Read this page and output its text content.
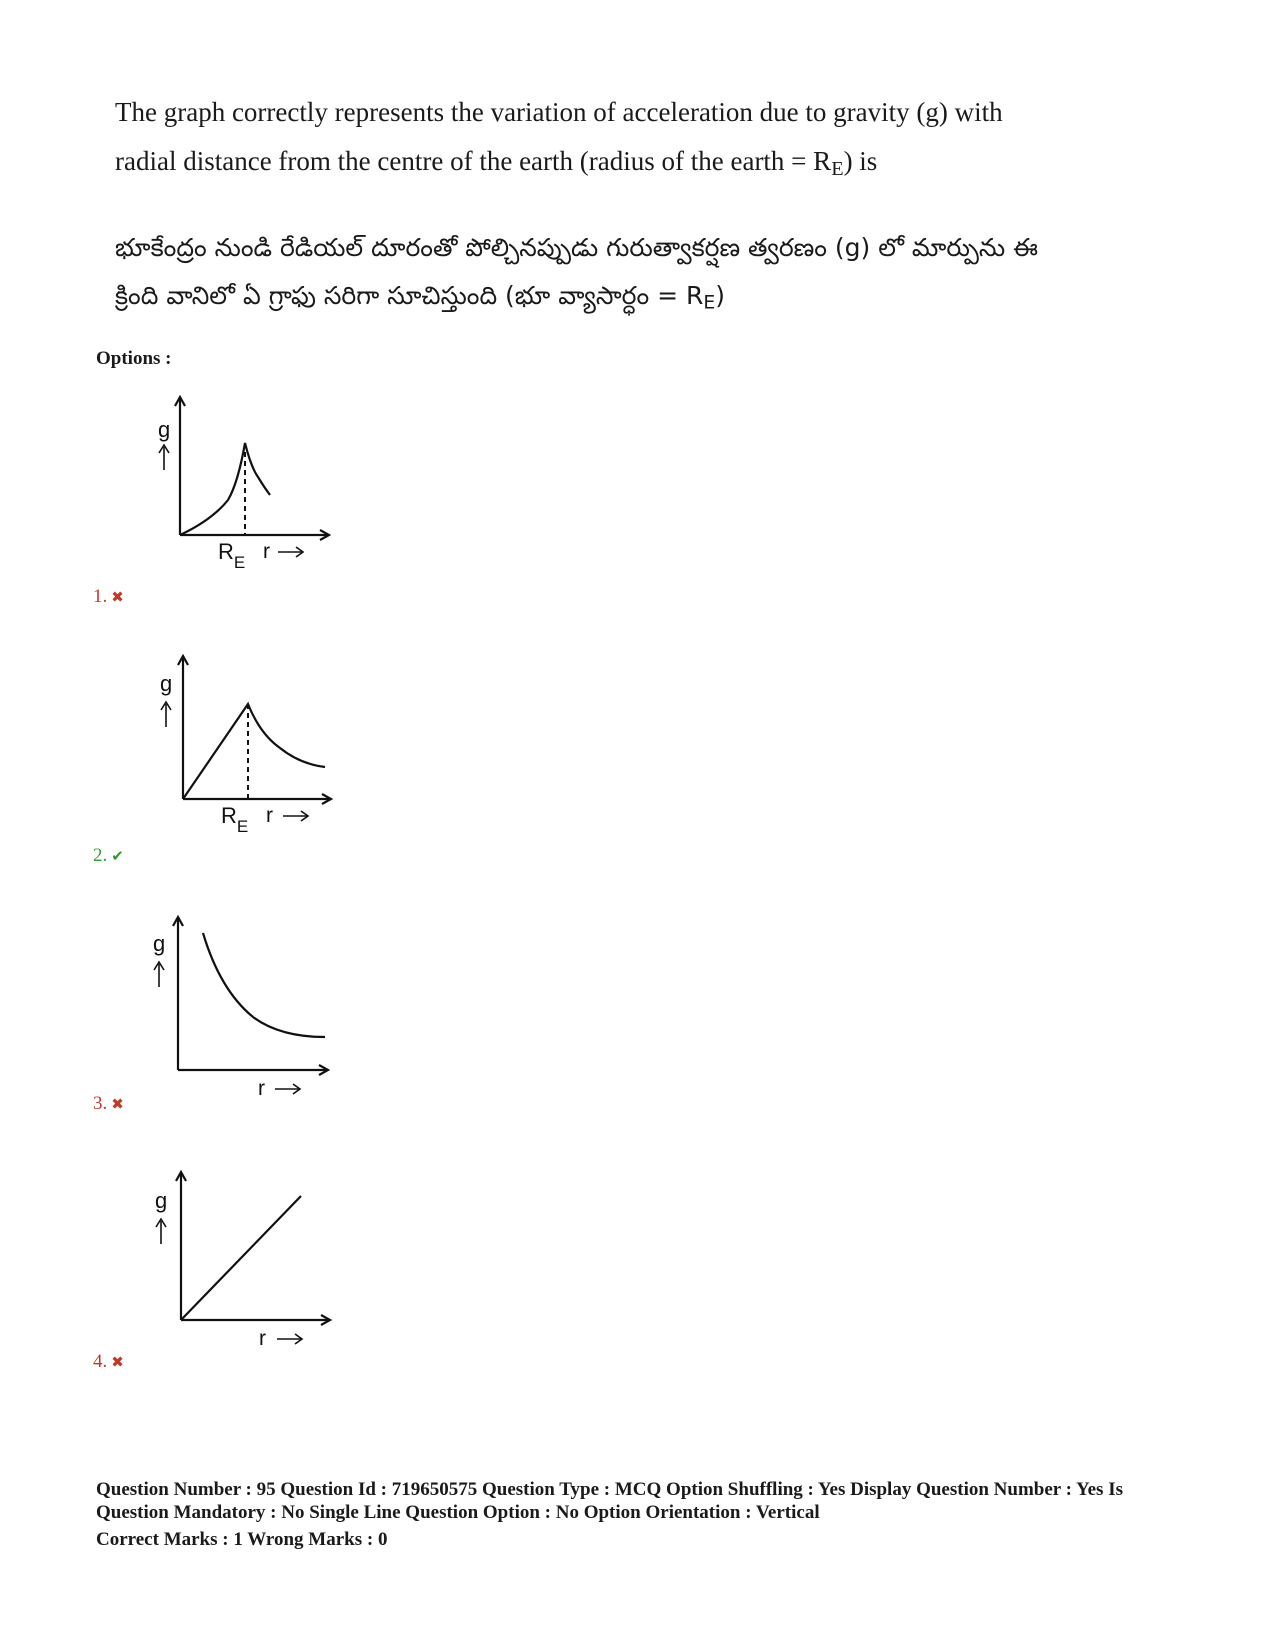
The graph correctly represents the variation of acceleration due to gravity (g) with

radial distance from the centre of the earth (radius of the earth = $R_E$) is

భూకేంద్రం నుండి రేడియల్ దూరంతో పోల్చినప్పుడు గురుత్వాకర్షణ త్వరణం (g) లో మార్పును ఈ

క్రింది వానిలో ఏ గ్రాఫు సరిగా సూచిస్తుంది (భూ వ్యాసార్ధం = $R_E$)

Options :
g
$R_E$ r
1. ✖
g
$R_E$ r
2. ✔
g
r
3. ✖
g
r
4. ✖

Question Number : 95 Question Id : 719650575 Question Type : MCQ Option Shuffling : Yes Display Question Number : Yes Is

Question Mandatory : No Single Line Question Option : No Option Orientation : Vertical

Correct Marks : 1 Wrong Marks : 0
